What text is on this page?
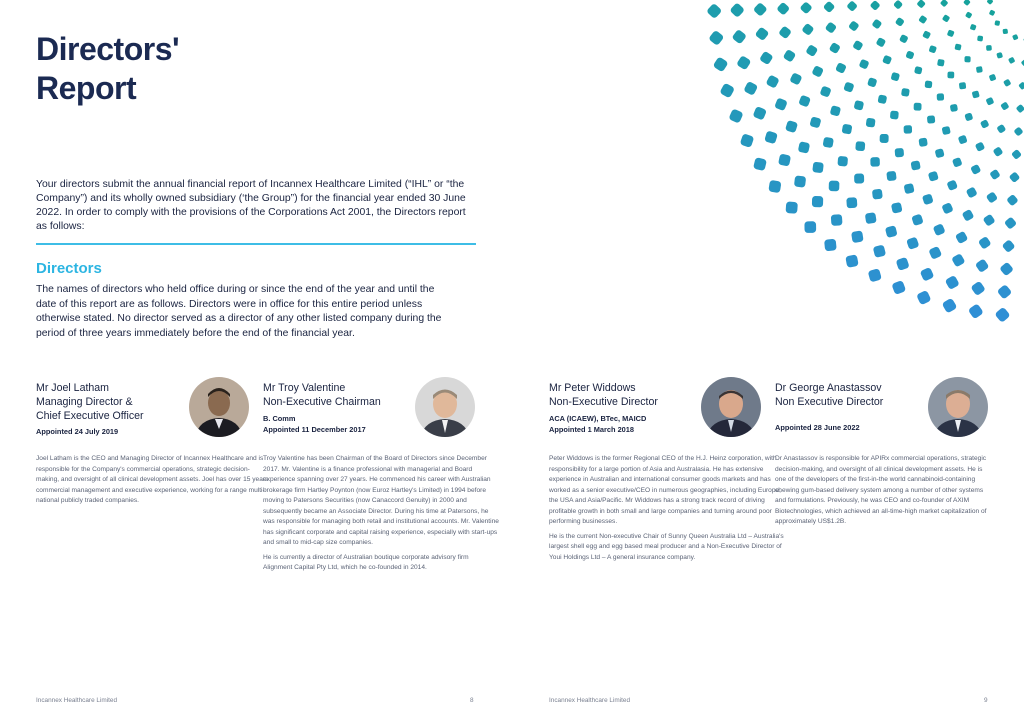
Directors'
Report

Your directors submit the annual financial report of Incannex Healthcare Limited (“IHL” or “the Company”) and its wholly owned subsidiary (‘the Group”) for the financial year ended 30 June 2022. In order to comply with the provisions of the Corporations Act 2001, the Directors report as follows:

Directors

The names of directors who held office during or since the end of the year and until the date of this report are as follows. Directors were in office for this entire period unless otherwise stated. No director served as a director of any other listed company during the period of three years immediately before the end of the financial year.

Mr Joel Latham
Managing Director &
Chief Executive Officer
Appointed 24 July 2019

Joel Latham is the CEO and Managing Director of Incannex Healthcare and is responsible for the Company's commercial operations, strategic decision- making, and oversight of all clinical development assets. Joel has over 15 years commercial management and executive experience, working for a range multi-national publicly traded companies.

Mr Troy Valentine
Non-Executive Chairman
B. Comm
Appointed 11 December 2017

Troy Valentine has been Chairman of the Board of Directors since December 2017. Mr. Valentine is a finance professional with managerial and Board experience spanning over 27 years. He commenced his career with Australian brokerage firm Hartley Poynton (now Euroz Hartley's Limited) in 1994 before moving to Patersons Securities (now Canaccord Genuity) in 2000 and subsequently became an Associate Director. During his time at Patersons, he was responsible for managing both retail and institutional accounts. Mr. Valentine has significant corporate and capital raising experience, especially with start-ups and small to mid-cap size companies.

He is currently a director of Australian boutique corporate advisory firm Alignment Capital Pty Ltd, which he co-founded in 2014.

Mr Peter Widdows
Non-Executive Director
ACA (ICAEW), BTec, MAICD
Appointed 1 March 2018

Peter Widdows is the former Regional CEO of the H.J. Heinz corporation, with responsibility for a large portion of Asia and Australasia. He has extensive experience in Australian and international consumer goods markets and has worked as a senior executive/CEO in numerous geographies, including Europe, the USA and Asia/Pacific. Mr Widdows has a strong track record of driving profitable growth in both small and large companies and turning around poor performing businesses.

He is the current Non-executive Chair of Sunny Queen Australia Ltd – Australia's largest shell egg and egg based meal producer and a Non-Executive Director of Youi Holdings Ltd – A general insurance company.

Dr George Anastassov
Non Executive Director
Appointed 28 June 2022

Dr Anastassov is responsible for APIRx commercial operations, strategic decision-making, and oversight of all clinical development assets. He is one of the developers of the first-in-the world cannabinoid-containing chewing gum-based delivery system among a number of other systems and formulations. Previously, he was CEO and co-founder of AXIM Biotechnologies, which achieved an all-time-high market capitalization of approximately US$1.2B.

Incannex Healthcare Limited	8	Incannex Healthcare Limited	9
